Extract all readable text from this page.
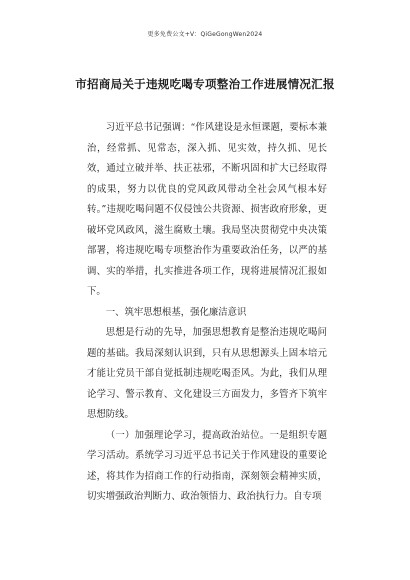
更多免费公文+V：QiGeGongWen2024
市招商局关于违规吃喝专项整治工作进展情况汇报

习近平总书记强调：“作风建设是永恒课题，要标本兼治，经常抓、见常态，深入抓、见实效，持久抓、见长效，通过立破并举、扶正祛邪，不断巩固和扩大已经取得的成果，努力以优良的党风政风带动全社会风气根本好转。”违规吃喝问题不仅侵蚀公共资源、损害政府形象，更破坏党风政风，滋生腐败土壤。我局坚决贯彻党中央决策部署，将违规吃喝专项整治作为重要政治任务，以严的基调、实的举措，扎实推进各项工作，现将进展情况汇报如下。

一、筑牢思想根基，强化廉洁意识

思想是行动的先导，加强思想教育是整治违规吃喝问题的基础。我局深刻认识到，只有从思想源头上固本培元才能让党员干部自觉抵制违规吃喝歪风。为此，我们从理论学习、警示教育、文化建设三方面发力，多管齐下筑牢思想防线。

（一）加强理论学习，提高政治站位。一是组织专题学习活动。系统学习习近平总书记关于作风建设的重要论述，将其作为招商工作的行动指南，深刻领会精神实质，切实增强政治判断力、政治领悟力、政治执行力。自专项
